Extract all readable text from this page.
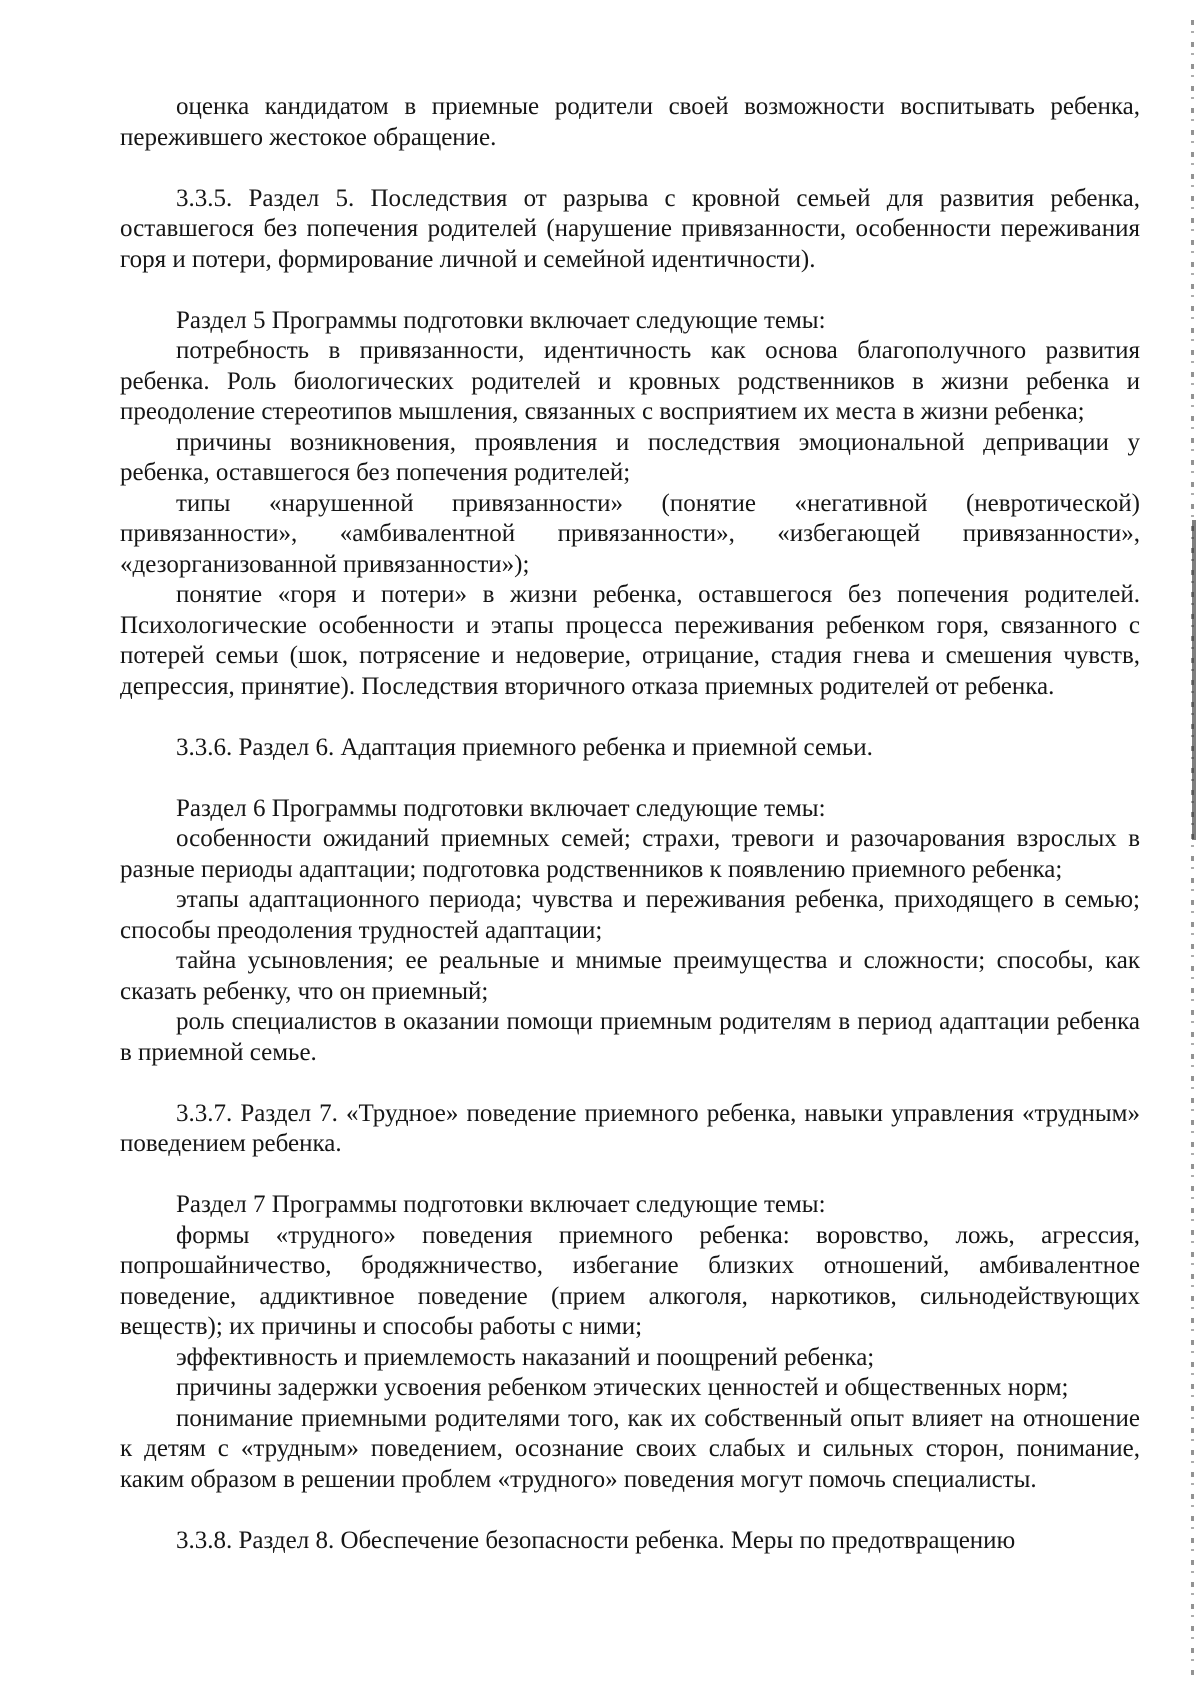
оценка кандидатом в приемные родители своей возможности воспитывать ребенка, пережившего жестокое обращение.

3.3.5. Раздел 5. Последствия от разрыва с кровной семьей для развития ребенка, оставшегося без попечения родителей (нарушение привязанности, особенности переживания горя и потери, формирование личной и семейной идентичности).

Раздел 5 Программы подготовки включает следующие темы:

потребность в привязанности, идентичность как основа благополучного развития ребенка. Роль биологических родителей и кровных родственников в жизни ребенка и преодоление стереотипов мышления, связанных с восприятием их места в жизни ребенка;

причины возникновения, проявления и последствия эмоциональной депривации у ребенка, оставшегося без попечения родителей;

типы «нарушенной привязанности» (понятие «негативной (невротической) привязанности», «амбивалентной привязанности», «избегающей привязанности», «дезорганизованной привязанности»);

понятие «горя и потери» в жизни ребенка, оставшегося без попечения родителей. Психологические особенности и этапы процесса переживания ребенком горя, связанного с потерей семьи (шок, потрясение и недоверие, отрицание, стадия гнева и смешения чувств, депрессия, принятие). Последствия вторичного отказа приемных родителей от ребенка.

3.3.6. Раздел 6. Адаптация приемного ребенка и приемной семьи.

Раздел 6 Программы подготовки включает следующие темы:

особенности ожиданий приемных семей; страхи, тревоги и разочарования взрослых в разные периоды адаптации; подготовка родственников к появлению приемного ребенка;

этапы адаптационного периода; чувства и переживания ребенка, приходящего в семью; способы преодоления трудностей адаптации;

тайна усыновления; ее реальные и мнимые преимущества и сложности; способы, как сказать ребенку, что он приемный;

роль специалистов в оказании помощи приемным родителям в период адаптации ребенка в приемной семье.

3.3.7. Раздел 7. «Трудное» поведение приемного ребенка, навыки управления «трудным» поведением ребенка.

Раздел 7 Программы подготовки включает следующие темы:

формы «трудного» поведения приемного ребенка: воровство, ложь, агрессия, попрошайничество, бродяжничество, избегание близких отношений, амбивалентное поведение, аддиктивное поведение (прием алкоголя, наркотиков, сильнодействующих веществ); их причины и способы работы с ними;

эффективность и приемлемость наказаний и поощрений ребенка;

причины задержки усвоения ребенком этических ценностей и общественных норм;

понимание приемными родителями того, как их собственный опыт влияет на отношение к детям с «трудным» поведением, осознание своих слабых и сильных сторон, понимание, каким образом в решении проблем «трудного» поведения могут помочь специалисты.

3.3.8. Раздел 8. Обеспечение безопасности ребенка. Меры по предотвращению
